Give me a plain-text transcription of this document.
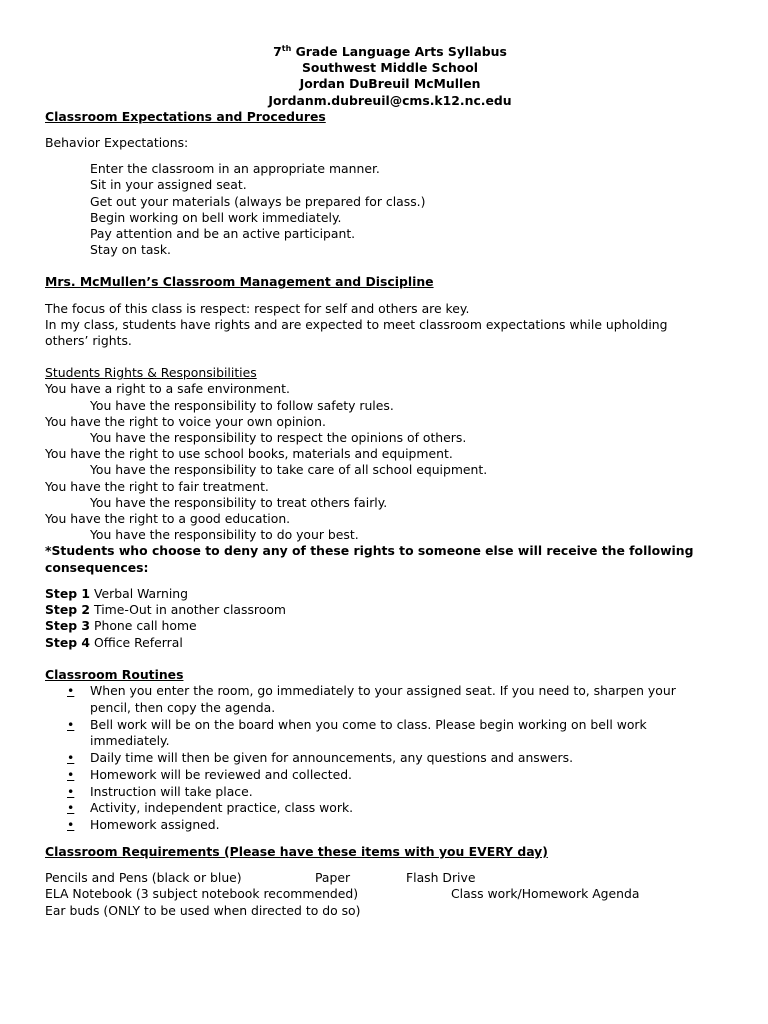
7th Grade Language Arts Syllabus
Southwest Middle School
Jordan DuBreuil McMullen
Jordanm.dubreuil@cms.k12.nc.edu
Classroom Expectations and Procedures
Behavior Expectations:
Enter the classroom in an appropriate manner.
Sit in your assigned seat.
Get out your materials (always be prepared for class.)
Begin working on bell work immediately.
Pay attention and be an active participant.
Stay on task.
Mrs. McMullen’s Classroom Management and Discipline
The focus of this class is respect: respect for self and others are key.
In my class, students have rights and are expected to meet classroom expectations while upholding
others’ rights.
Students Rights & Responsibilities
You have a right to a safe environment.
You have the responsibility to follow safety rules.
You have the right to voice your own opinion.
You have the responsibility to respect the opinions of others.
You have the right to use school books, materials and equipment.
You have the responsibility to take care of all school equipment.
You have the right to fair treatment.
You have the responsibility to treat others fairly.
You have the right to a good education.
You have the responsibility to do your best.
*Students who choose to deny any of these rights to someone else will receive the following
consequences:
Step 1 Verbal Warning
Step 2 Time-Out in another classroom
Step 3 Phone call home
Step 4 Office Referral
Classroom Routines
•	When you enter the room, go immediately to your assigned seat. If you need to, sharpen your pencil, then copy the agenda.
•	Bell work will be on the board when you come to class. Please begin working on bell work immediately.
•	Daily time will then be given for announcements, any questions and answers.
•	Homework will be reviewed and collected.
•	Instruction will take place.
•	Activity, independent practice, class work.
•	Homework assigned.
Classroom Requirements (Please have these items with you EVERY day)
Pencils and Pens (black or blue)	Paper	Flash Drive
ELA Notebook (3 subject notebook recommended)	Class work/Homework Agenda
Ear buds (ONLY to be used when directed to do so)
